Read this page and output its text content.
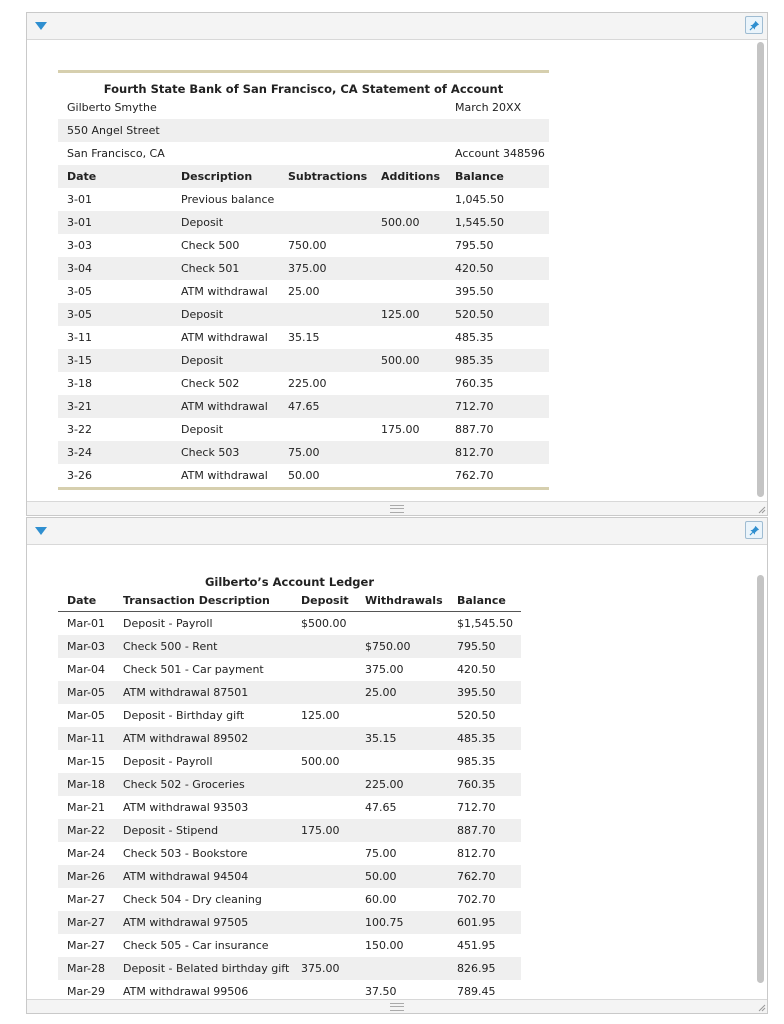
Fourth State Bank of San Francisco, CA Statement of Account
Gilberto Smythe				March 20XX
550 Angel Street				
San Francisco, CA				Account 348596
Date	Description	Subtractions	Additions	Balance
3-01	Previous balance			1,045.50
3-01	Deposit		500.00	1,545.50
3-03	Check 500	750.00		795.50
3-04	Check 501	375.00		420.50
3-05	ATM withdrawal	25.00		395.50
3-05	Deposit		125.00	520.50
3-11	ATM withdrawal	35.15		485.35
3-15	Deposit		500.00	985.35
3-18	Check 502	225.00		760.35
3-21	ATM withdrawal	47.65		712.70
3-22	Deposit		175.00	887.70
3-24	Check 503	75.00		812.70
3-26	ATM withdrawal	50.00		762.70
Gilberto’s Account Ledger
Date	Transaction Description	Deposit	Withdrawals	Balance
Mar-01	Deposit - Payroll	$500.00		$1,545.50
Mar-03	Check 500 - Rent		$750.00	795.50
Mar-04	Check 501 - Car payment		375.00	420.50
Mar-05	ATM withdrawal 87501		25.00	395.50
Mar-05	Deposit - Birthday gift	125.00		520.50
Mar-11	ATM withdrawal 89502		35.15	485.35
Mar-15	Deposit - Payroll	500.00		985.35
Mar-18	Check 502 - Groceries		225.00	760.35
Mar-21	ATM withdrawal 93503		47.65	712.70
Mar-22	Deposit - Stipend	175.00		887.70
Mar-24	Check 503 - Bookstore		75.00	812.70
Mar-26	ATM withdrawal 94504		50.00	762.70
Mar-27	Check 504 - Dry cleaning		60.00	702.70
Mar-27	ATM withdrawal 97505		100.75	601.95
Mar-27	Check 505 - Car insurance		150.00	451.95
Mar-28	Deposit - Belated birthday gift	375.00		826.95
Mar-29	ATM withdrawal 99506		37.50	789.45
